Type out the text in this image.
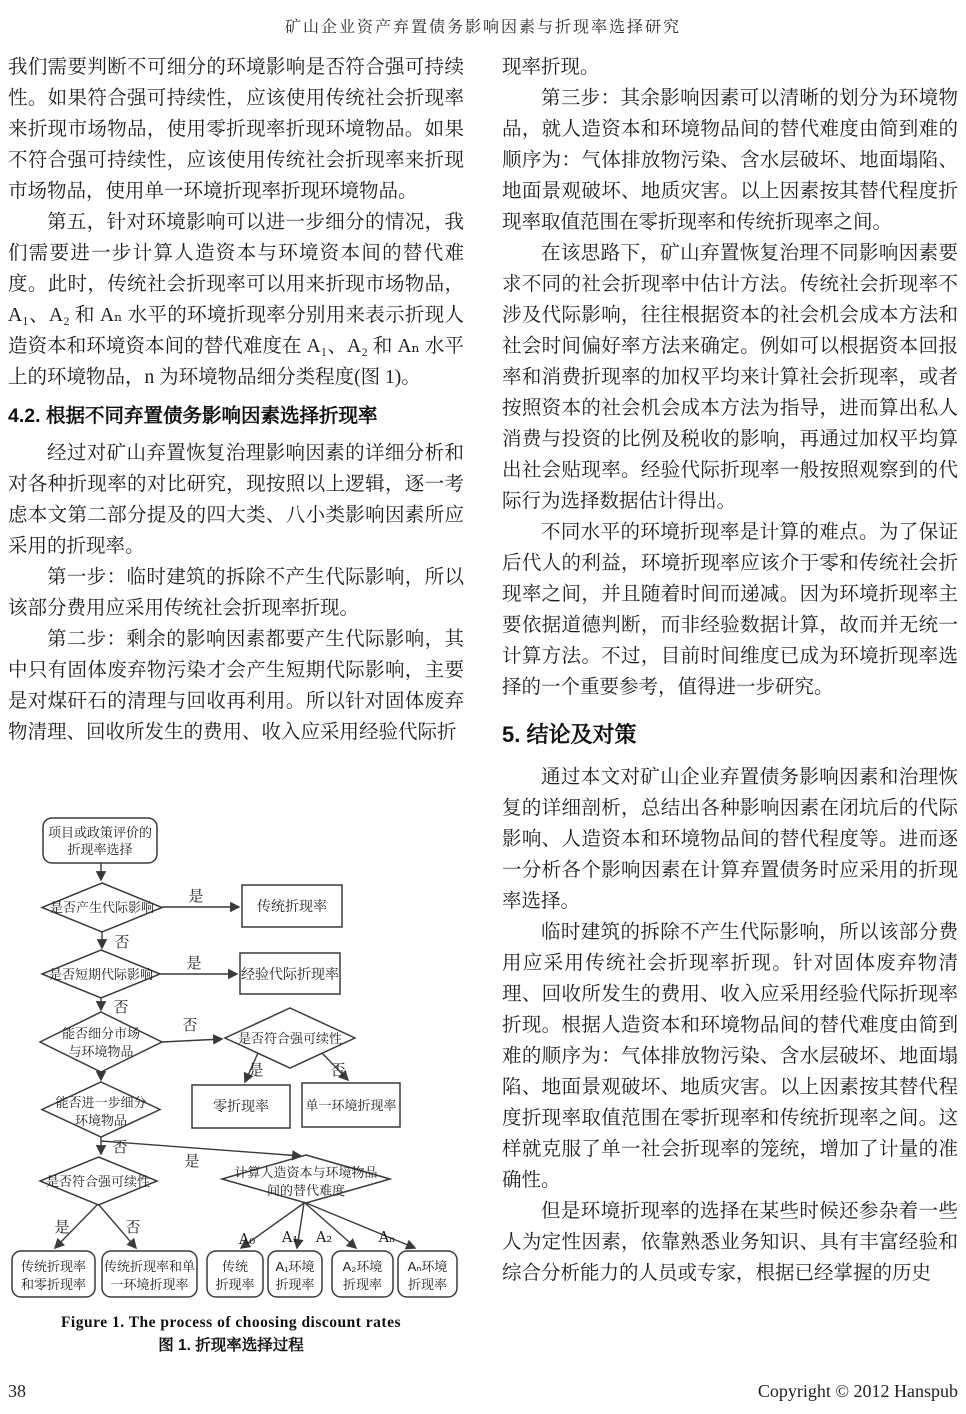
矿山企业资产弃置债务影响因素与折现率选择研究

我们需要判断不可细分的环境影响是否符合强可持续性。如果符合强可持续性，应该使用传统社会折现率来折现市场物品，使用零折现率折现环境物品。如果不符合强可持续性，应该使用传统社会折现率来折现市场物品，使用单一环境折现率折现环境物品。

第五，针对环境影响可以进一步细分的情况，我们需要进一步计算人造资本与环境资本间的替代难度。此时，传统社会折现率可以用来折现市场物品，A₁、A₂ 和 Aₙ 水平的环境折现率分别用来表示折现人造资本和环境资本间的替代难度在 A₁、A₂ 和 Aₙ 水平上的环境物品，n 为环境物品细分类程度(图 1)。

4.2. 根据不同弃置债务影响因素选择折现率

经过对矿山弃置恢复治理影响因素的详细分析和对各种折现率的对比研究，现按照以上逻辑，逐一考虑本文第二部分提及的四大类、八小类影响因素所应采用的折现率。

第一步：临时建筑的拆除不产生代际影响，所以该部分费用应采用传统社会折现率折现。

第二步：剩余的影响因素都要产生代际影响，其中只有固体废弃物污染才会产生短期代际影响，主要是对煤矸石的清理与回收再利用。所以针对固体废弃物清理、回收所发生的费用、收入应采用经验代际折

现率折现。

第三步：其余影响因素可以清晰的划分为环境物品，就人造资本和环境物品间的替代难度由简到难的顺序为：气体排放物污染、含水层破坏、地面塌陷、地面景观破坏、地质灾害。以上因素按其替代程度折现率取值范围在零折现率和传统折现率之间。

在该思路下，矿山弃置恢复治理不同影响因素要求不同的社会折现率中估计方法。传统社会折现率不涉及代际影响，往往根据资本的社会机会成本方法和社会时间偏好率方法来确定。例如可以根据资本回报率和消费折现率的加权平均来计算社会折现率，或者按照资本的社会机会成本方法为指导，进而算出私人消费与投资的比例及税收的影响，再通过加权平均算出社会贴现率。经验代际折现率一般按照观察到的代际行为选择数据估计得出。

不同水平的环境折现率是计算的难点。为了保证后代人的利益，环境折现率应该介于零和传统社会折现率之间，并且随着时间而递减。因为环境折现率主要依据道德判断，而非经验数据计算，故而并无统一计算方法。不过，目前时间维度已成为环境折现率选择的一个重要参考，值得进一步研究。

5. 结论及对策

通过本文对矿山企业弃置债务影响因素和治理恢复的详细剖析，总结出各种影响因素在闭坑后的代际影响、人造资本和环境物品间的替代程度等。进而逐一分析各个影响因素在计算弃置债务时应采用的折现率选择。

临时建筑的拆除不产生代际影响，所以该部分费用应采用传统社会折现率折现。针对固体废弃物清理、回收所发生的费用、收入应采用经验代际折现率折现。根据人造资本和环境物品间的替代难度由简到难的顺序为：气体排放物污染、含水层破坏、地面塌陷、地面景观破坏、地质灾害。以上因素按其替代程度折现率取值范围在零折现率和传统折现率之间。这样就克服了单一社会折现率的笼统，增加了计量的准确性。

但是环境折现率的选择在某些时候还参杂着一些人为定性因素，依靠熟悉业务知识、具有丰富经验和综合分析能力的人员或专家，根据已经掌握的历史

项目或政策评价的
折现率选择
是否产生代际影响
是
传统折现率
否
是否短期代际影响
是
经验代际折现率
否
能否细分市场
与环境物品
否
是否符合强可续性
是	否
零折现率	单一环境折现率
能否进一步细分
环境物品
否
是
是否符合强可续性
计算人造资本与环境物品
间的替代难度
是	否
A₀ A₁ A₂	Aₙ
传统折现率
和零折现率
传统折现率和单
一环境折现率
传统
折现率
A₁环境
折现率
A₂环境
折现率
Aₙ环境
折现率
Figure 1. The process of choosing discount rates
图 1. 折现率选择过程
38	Copyright © 2012 Hanspub
